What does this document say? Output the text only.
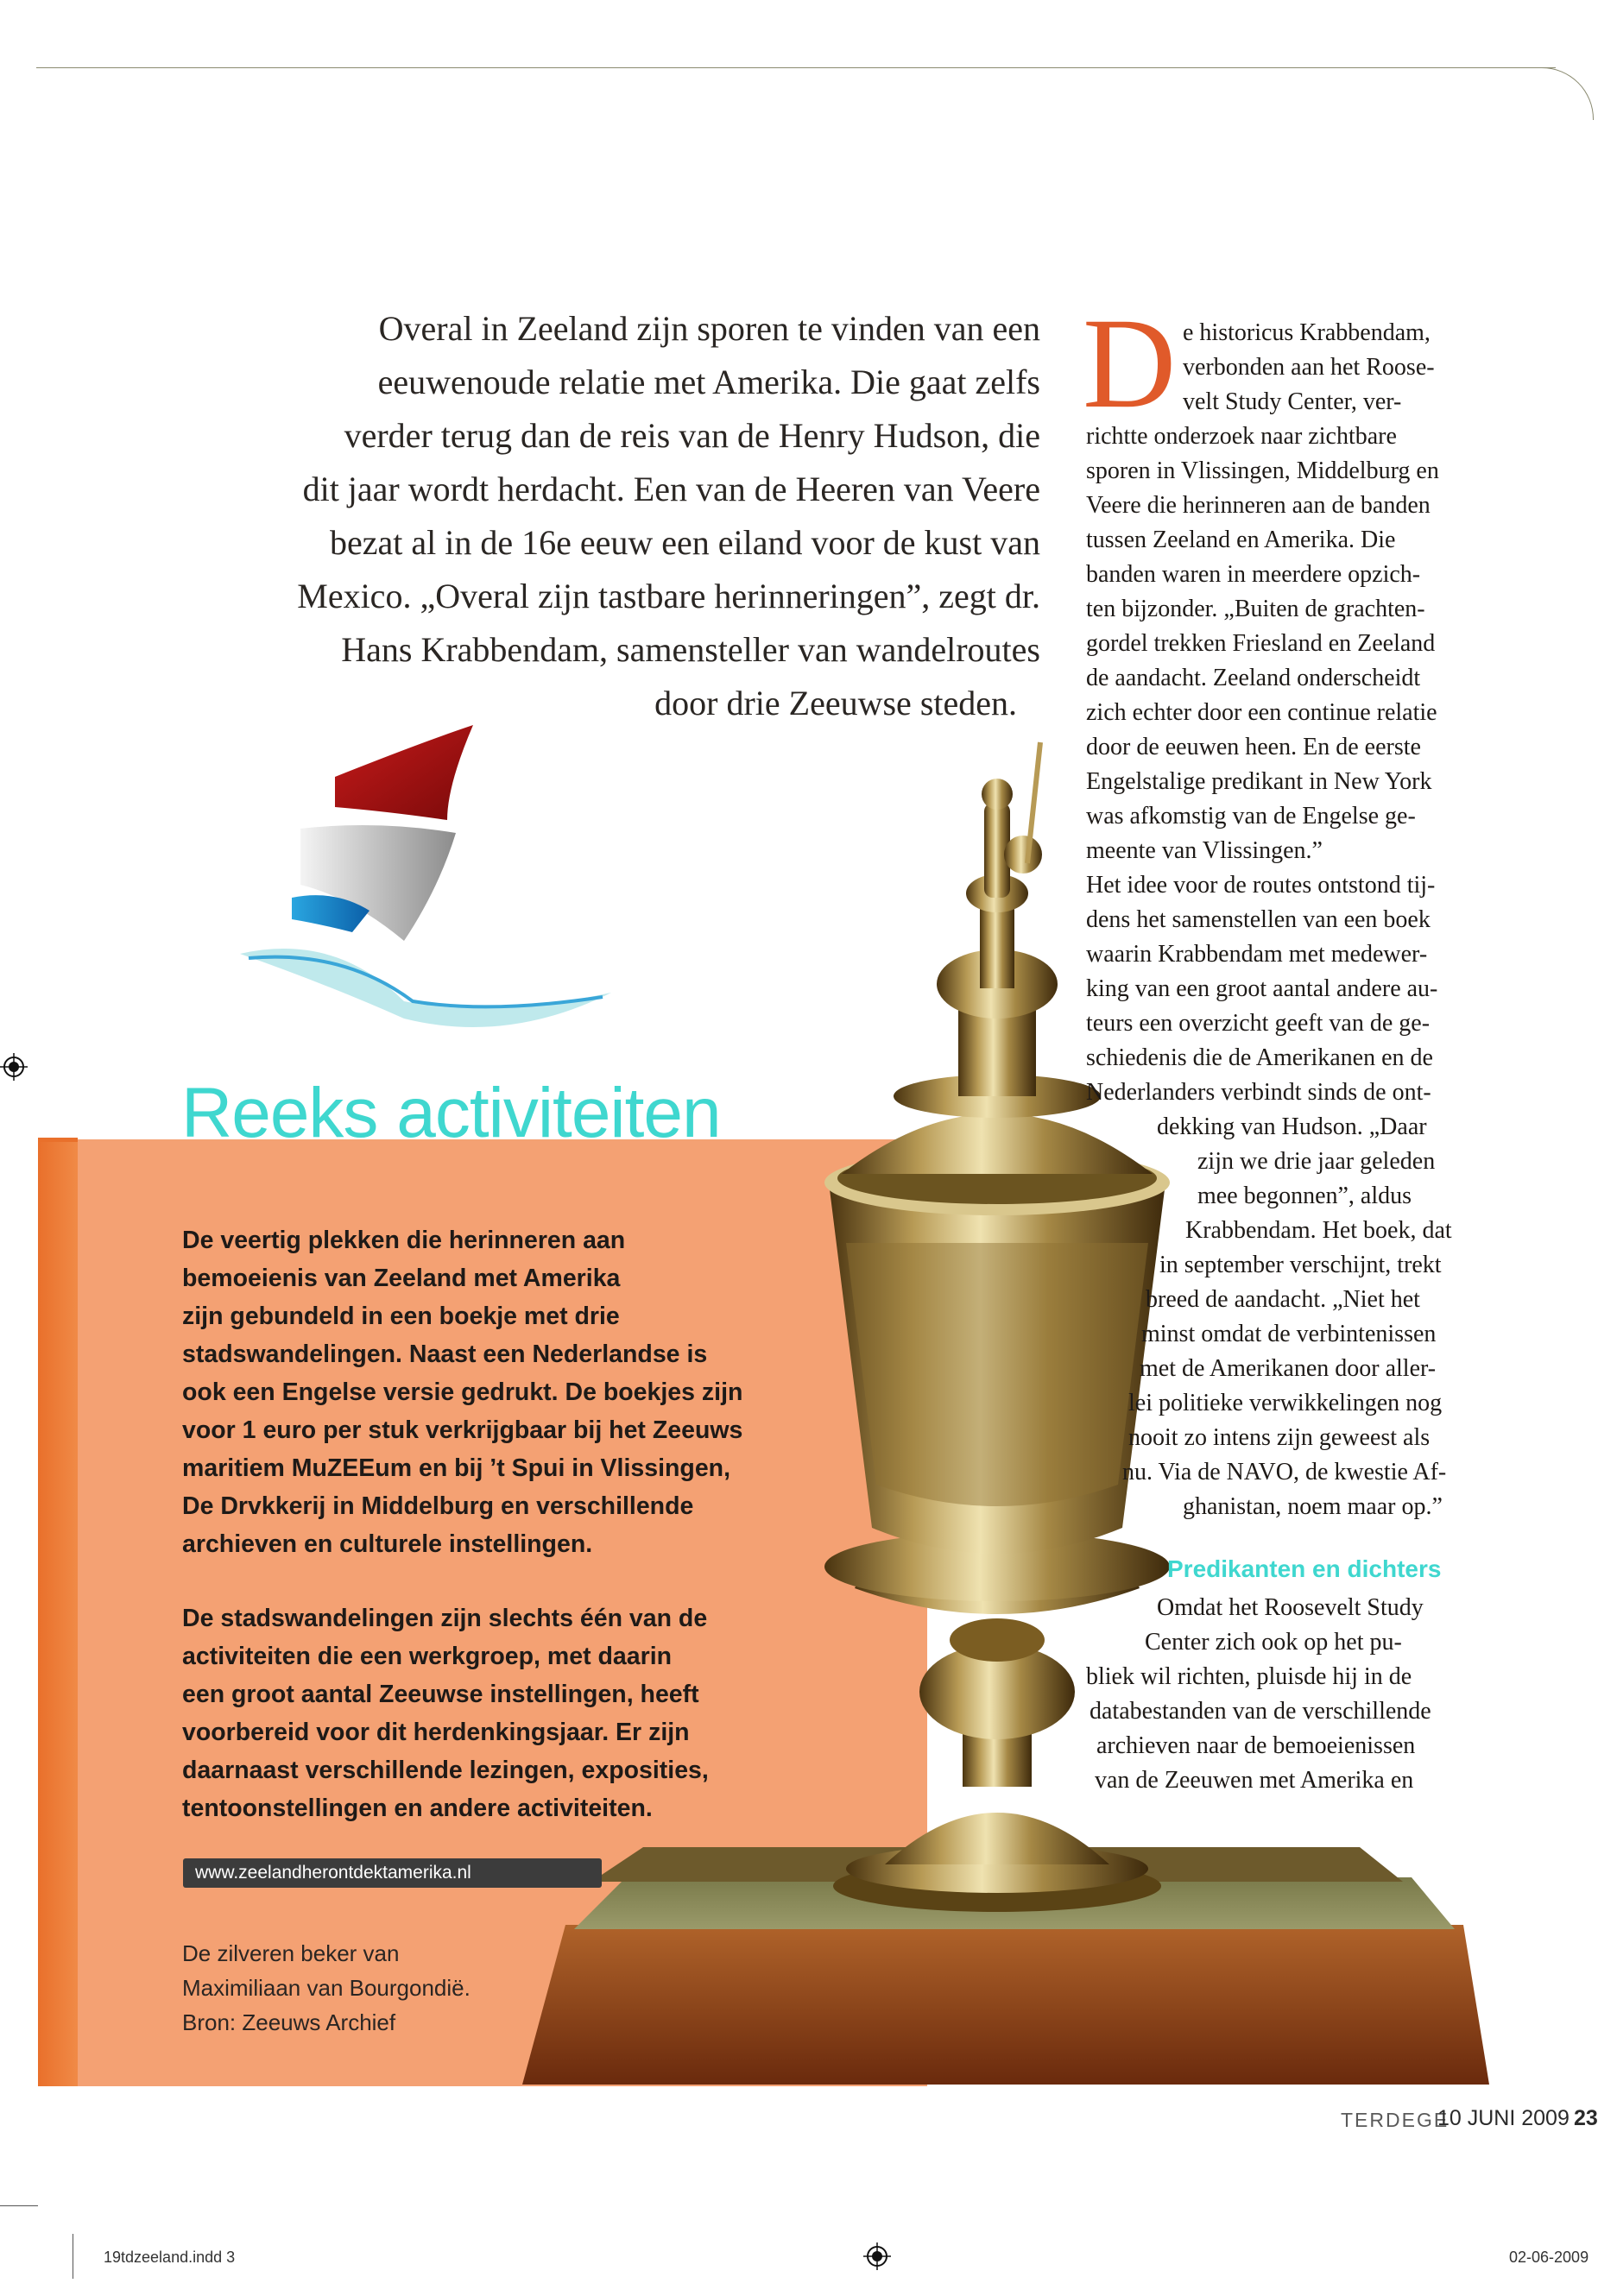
Overal in Zeeland zijn sporen te vinden van een
eeuwenoude relatie met Amerika. Die gaat zelfs
verder terug dan de reis van de Henry Hudson, die
dit jaar wordt herdacht. Een van de Heeren van Veere
bezat al in de 16e eeuw een eiland voor de kust van
Mexico. „Overal zijn tastbare herinneringen”, zegt dr.
Hans Krabbendam, samensteller van wandelroutes
door drie Zeeuwse steden.
Reeks activiteiten

De veertig plekken die herinneren aan
bemoeienis van Zeeland met Amerika
zijn gebundeld in een boekje met drie
stadswandelingen. Naast een Nederlandse is
ook een Engelse versie gedrukt. De boekjes zijn
voor 1 euro per stuk verkrijgbaar bij het Zeeuws
maritiem MuZEEum en bij ’t Spui in Vlissingen,
De Drvkkerij in Middelburg en verschillende
archieven en culturele instellingen.

De stadswandelingen zijn slechts één van de
activiteiten die een werkgroep, met daarin
een groot aantal Zeeuwse instellingen, heeft
voorbereid voor dit herdenkingsjaar. Er zijn
daarnaast verschillende lezingen, exposities,
tentoonstellingen en andere activiteiten.

www.zeelandherontdektamerika.nl
De zilveren beker van
Maximiliaan van Bourgondië.
Bron: Zeeuws Archief
D e historicus Krabbendam,
verbonden aan het Roose-
velt Study Center, ver-
richtte onderzoek naar zichtbare
sporen in Vlissingen, Middelburg en
Veere die herinneren aan de banden
tussen Zeeland en Amerika. Die
banden waren in meerdere opzich-
ten bijzonder. „Buiten de grachten-
gordel trekken Friesland en Zeeland
de aandacht. Zeeland onderscheidt
zich echter door een continue relatie
door de eeuwen heen. En de eerste
Engelstalige predikant in New York
was afkomstig van de Engelse ge-
meente van Vlissingen.”
Het idee voor de routes ontstond tij-
dens het samenstellen van een boek
waarin Krabbendam met medewer-
king van een groot aantal andere au-
teurs een overzicht geeft van de ge-
schiedenis die de Amerikanen en de
Nederlanders verbindt sinds de ont-
dekking van Hudson. „Daar
zijn we drie jaar geleden
mee begonnen”, aldus
Krabbendam. Het boek, dat
in september verschijnt, trekt
breed de aandacht. „Niet het
minst omdat de verbintenissen
met de Amerikanen door aller-
lei politieke verwikkelingen nog
nooit zo intens zijn geweest als
nu. Via de NAVO, de kwestie Af-
ghanistan, noem maar op.”
Predikanten en dichters
Omdat het Roosevelt Study
Center zich ook op het pu-
bliek wil richten, pluisde hij in de
databestanden van de verschillende
archieven naar de bemoeienissen
van de Zeeuwen met Amerika en
TERDEGE
10 JUNI 2009 23
19tdzeeland.indd 3	02-06-2009
